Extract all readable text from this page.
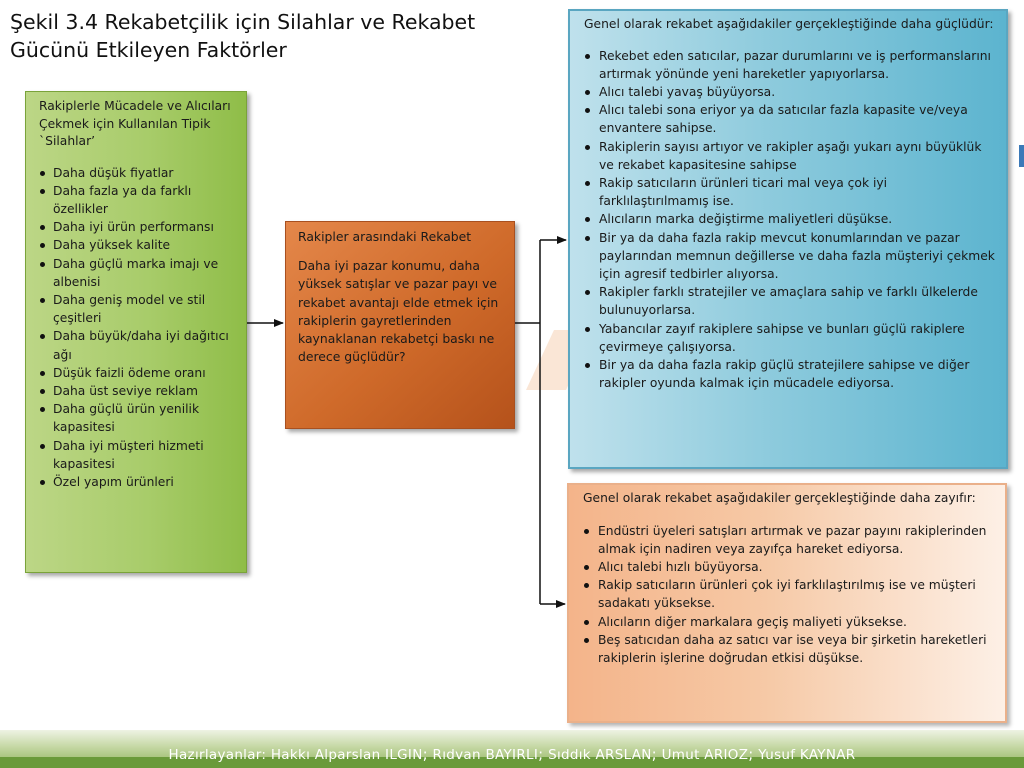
Şekil 3.4 Rekabetçilik için Silahlar ve Rekabet Gücünü Etkileyen Faktörler
Rakiplerle Mücadele ve Alıcıları Çekmek için Kullanılan Tipik `Silahlar’
Daha düşük fiyatlar
Daha fazla ya da farklı özellikler
Daha iyi ürün performansı
Daha yüksek kalite
Daha güçlü marka imajı ve albenisi
Daha geniş model ve stil çeşitleri
Daha büyük/daha iyi dağıtıcı ağı
Düşük faizli ödeme oranı
Daha üst seviye reklam
Daha güçlü ürün yenilik kapasitesi
Daha iyi müşteri hizmeti kapasitesi
Özel yapım ürünleri
Rakipler arasındaki Rekabet
Daha iyi pazar konumu, daha yüksek satışlar ve pazar payı ve rekabet avantajı elde etmek için rakiplerin gayretlerinden kaynaklanan rekabetçi baskı ne derece güçlüdür?
Genel olarak rekabet aşağıdakiler gerçekleştiğinde daha güçlüdür:
Rekebet eden satıcılar, pazar durumlarını ve iş performanslarını artırmak yönünde yeni hareketler yapıyorlarsa.
Alıcı talebi yavaş büyüyorsa.
Alıcı talebi sona eriyor ya da satıcılar fazla kapasite ve/veya envantere sahipse.
Rakiplerin sayısı artıyor ve rakipler aşağı yukarı aynı büyüklük ve rekabet kapasitesine sahipse
Rakip satıcıların ürünleri ticari mal veya çok iyi farklılaştırılmamış ise.
Alıcıların marka değiştirme maliyetleri düşükse.
Bir ya da daha fazla rakip mevcut konumlarından ve pazar paylarından memnun değillerse ve daha fazla müşteriyi çekmek için agresif tedbirler alıyorsa.
Rakipler farklı stratejiler ve amaçlara sahip ve farklı ülkelerde bulunuyorlarsa.
Yabancılar zayıf rakiplere sahipse ve bunları güçlü rakiplere çevirmeye çalışıyorsa.
Bir ya da daha fazla rakip güçlü stratejilere sahipse ve diğer rakipler oyunda kalmak için mücadele ediyorsa.
Genel olarak rekabet aşağıdakiler gerçekleştiğinde daha zayıfır:
Endüstri üyeleri satışları artırmak ve pazar payını rakiplerinden almak için nadiren veya zayıfça hareket ediyorsa.
Alıcı talebi hızlı büyüyorsa.
Rakip satıcıların ürünleri çok iyi farklılaştırılmış ise ve müşteri sadakatı yüksekse.
Alıcıların diğer markalara geçiş maliyeti yüksekse.
Beş satıcıdan daha az satıcı var ise veya bir şirketin hareketleri rakiplerin işlerine doğrudan etkisi düşükse.
Hazırlayanlar: Hakkı Alparslan ILGIN; Rıdvan BAYIRLI; Sıddık ARSLAN; Umut ARIOZ; Yusuf KAYNAR
